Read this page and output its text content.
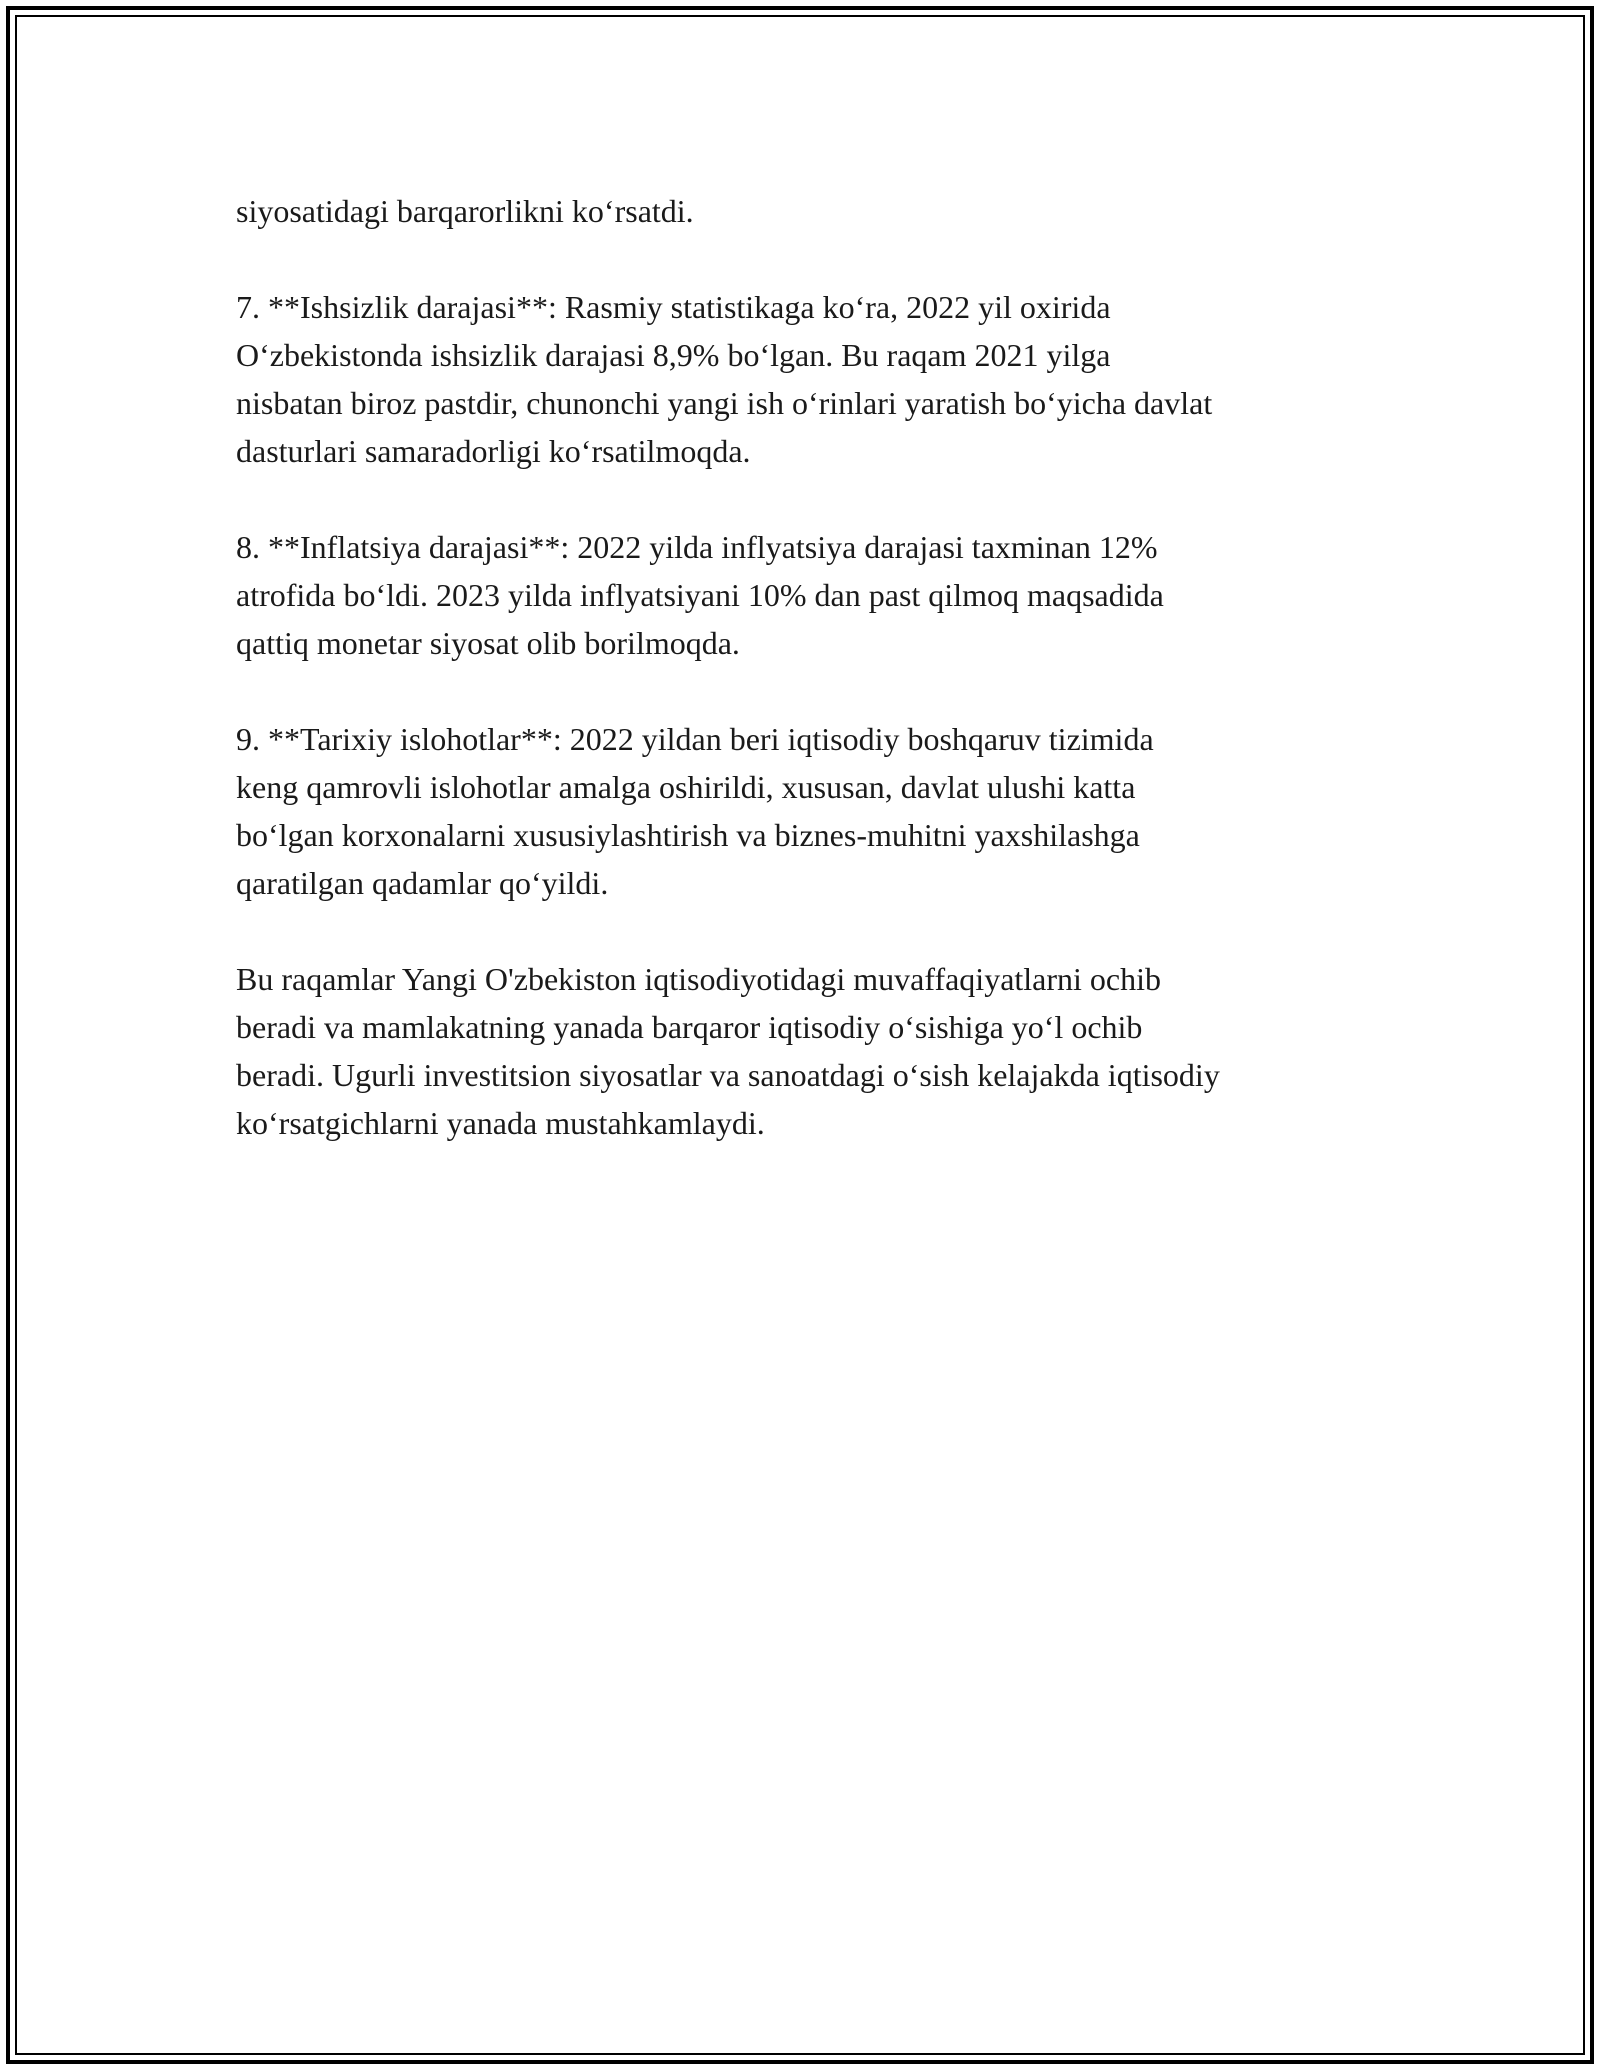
siyosatidagi barqarorlikni ko‘rsatdi.
7. **Ishsizlik darajasi**: Rasmiy statistikaga ko‘ra, 2022 yil oxirida
O‘zbekistonda ishsizlik darajasi 8,9% bo‘lgan. Bu raqam 2021 yilga
nisbatan biroz pastdir, chunonchi yangi ish o‘rinlari yaratish bo‘yicha davlat
dasturlari samaradorligi ko‘rsatilmoqda.
8. **Inflatsiya darajasi**: 2022 yilda inflyatsiya darajasi taxminan 12%
atrofida bo‘ldi. 2023 yilda inflyatsiyani 10% dan past qilmoq maqsadida
qattiq monetar siyosat olib borilmoqda.
9. **Tarixiy islohotlar**: 2022 yildan beri iqtisodiy boshqaruv tizimida
keng qamrovli islohotlar amalga oshirildi, xususan, davlat ulushi katta
bo‘lgan korxonalarni xususiylashtirish va biznes-muhitni yaxshilashga
qaratilgan qadamlar qo‘yildi.
Bu raqamlar Yangi O'zbekiston iqtisodiyotidagi muvaffaqiyatlarni ochib
beradi va mamlakatning yanada barqaror iqtisodiy o‘sishiga yo‘l ochib
beradi. Ugurli investitsion siyosatlar va sanoatdagi o‘sish kelajakda iqtisodiy
ko‘rsatgichlarni yanada mustahkamlaydi.
